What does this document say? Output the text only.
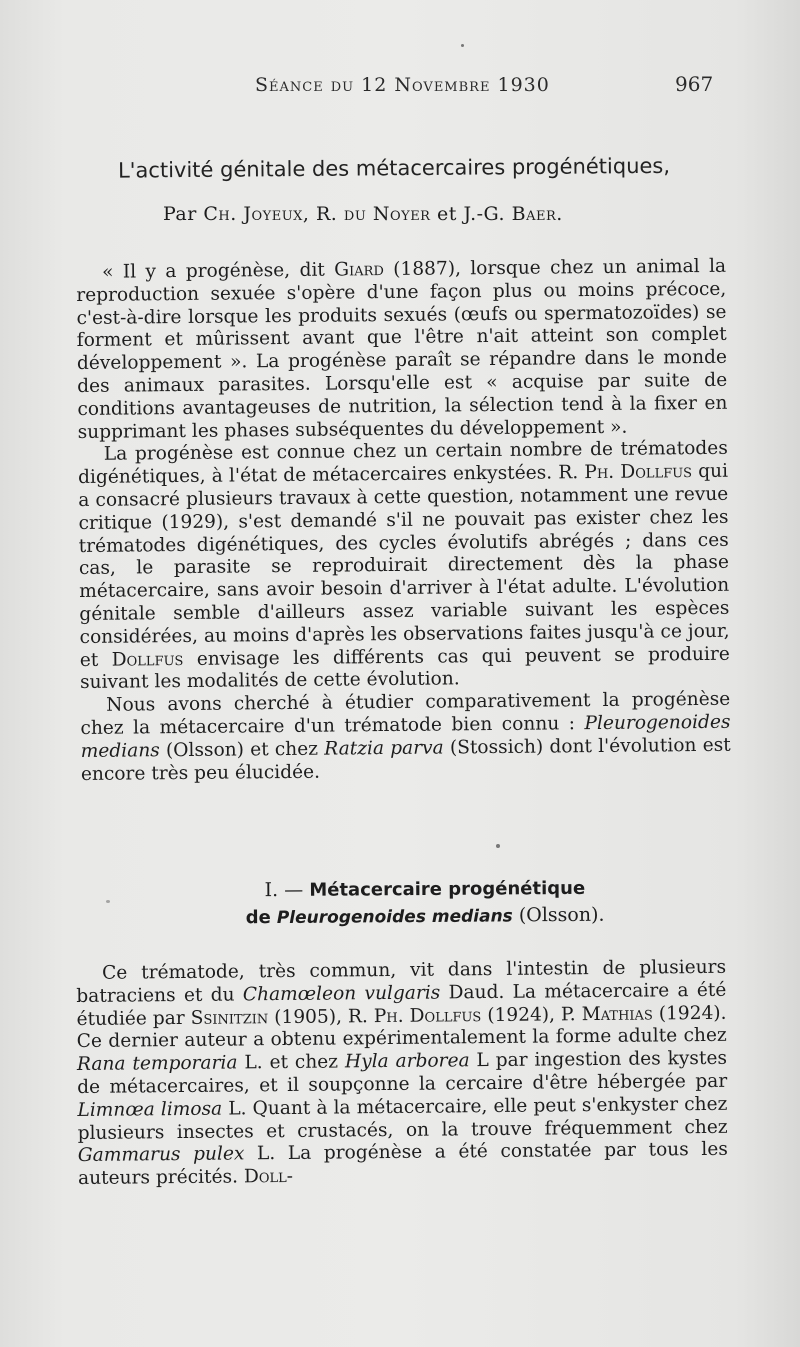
Séance du 12 Novembre 1930	967
L'activité génitale des métacercaires progénétiques,
Par Ch. Joyeux, R. du Noyer et J.-G. Baer.

« Il y a progénèse, dit Giard (1887), lorsque chez un animal la reproduction sexuée s'opère d'une façon plus ou moins précoce, c'est-à-dire lorsque les produits sexués (œufs ou spermatozoïdes) se forment et mûrissent avant que l'être n'ait atteint son complet développement ». La progénèse paraît se répandre dans le monde des animaux parasites. Lorsqu'elle est « acquise par suite de conditions avantageuses de nutrition, la sélection tend à la fixer en supprimant les phases subséquentes du développement ».

La progénèse est connue chez un certain nombre de trématodes digénétiques, à l'état de métacercaires enkystées. R. Ph. Dollfus qui a consacré plusieurs travaux à cette question, notamment une revue critique (1929), s'est demandé s'il ne pouvait pas exister chez les trématodes digénétiques, des cycles évolutifs abrégés ; dans ces cas, le parasite se reproduirait directement dès la phase métacercaire, sans avoir besoin d'arriver à l'état adulte. L'évolution génitale semble d'ailleurs assez variable suivant les espèces considérées, au moins d'après les observations faites jusqu'à ce jour, et Dollfus envisage les différents cas qui peuvent se produire suivant les modalités de cette évolution.

Nous avons cherché à étudier comparativement la progénèse chez la métacercaire d'un trématode bien connu : Pleurogenoides medians (Olsson) et chez Ratzia parva (Stossich) dont l'évolution est encore très peu élucidée.

I. — Métacercaire progénétique
de Pleurogenoides medians (Olsson).

Ce trématode, très commun, vit dans l'intestin de plusieurs batraciens et du Chamœleon vulgaris Daud. La métacercaire a été étudiée par Ssinitzin (1905), R. Ph. Dollfus (1924), P. Mathias (1924). Ce dernier auteur a obtenu expérimentalement la forme adulte chez Rana temporaria L. et chez Hyla arborea L par ingestion des kystes de métacercaires, et il soupçonne la cercaire d'être hébergée par Limnœa limosa L. Quant à la métacercaire, elle peut s'enkyster chez plusieurs insectes et crustacés, on la trouve fréquemment chez Gammarus pulex L. La progénèse a été constatée par tous les auteurs précités. Doll-
